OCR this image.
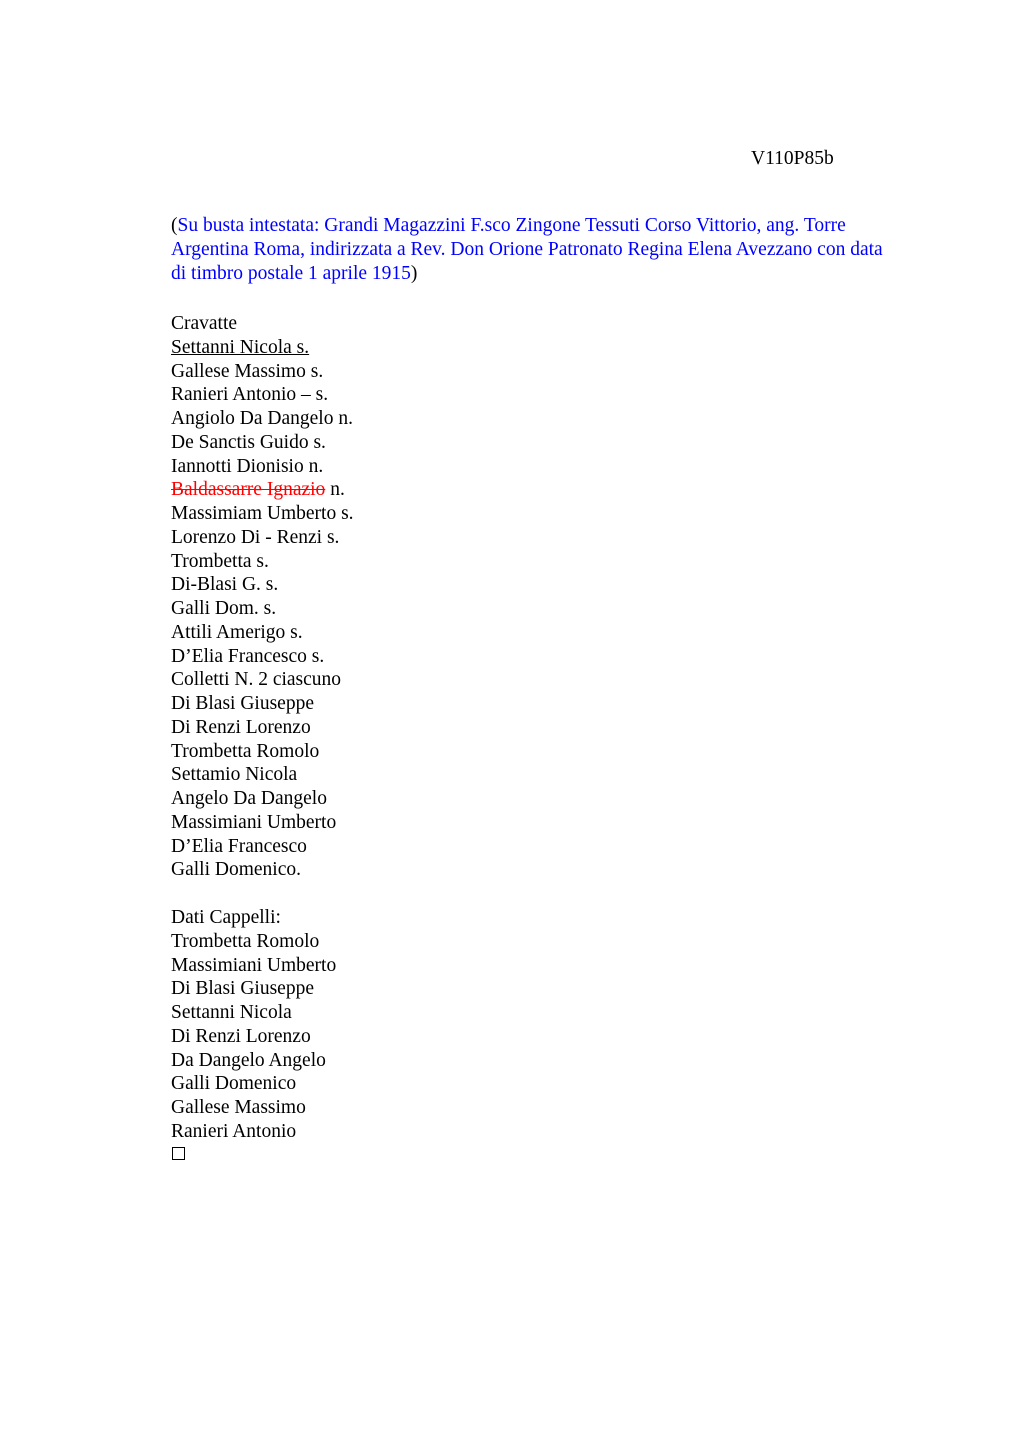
V110P85b

(Su busta intestata: Grandi Magazzini F.sco Zingone Tessuti Corso Vittorio, ang. Torre Argentina Roma, indirizzata a Rev. Don Orione Patronato Regina Elena Avezzano con data di timbro postale 1 aprile 1915)

Cravatte
Settanni Nicola s.
Gallese Massimo s.
Ranieri Antonio – s.
Angiolo Da Dangelo n.
De Sanctis Guido s.
Iannotti Dionisio n.
Baldassarre Ignazio n.
Massimiam Umberto s.
Lorenzo Di - Renzi s.
Trombetta s.
Di-Blasi G. s.
Galli Dom. s.
Attili Amerigo s.
D’Elia Francesco s.
Colletti N. 2 ciascuno
Di Blasi Giuseppe
Di Renzi Lorenzo
Trombetta Romolo
Settamio Nicola
Angelo Da Dangelo
Massimiani Umberto
D’Elia Francesco
Galli Domenico.
Dati Cappelli:
Trombetta Romolo
Massimiani Umberto
Di Blasi Giuseppe
Settanni Nicola
Di Renzi Lorenzo
Da Dangelo Angelo
Galli Domenico
Gallese Massimo
Ranieri Antonio
